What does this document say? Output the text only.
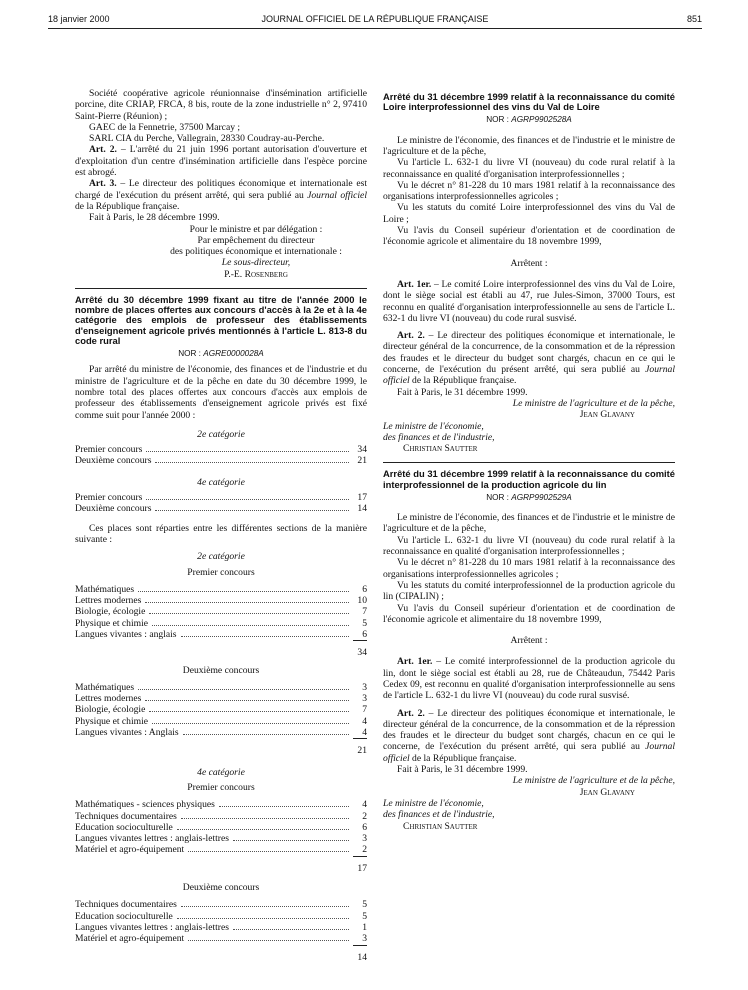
18 janvier 2000	JOURNAL OFFICIEL DE LA RÉPUBLIQUE FRANÇAISE	851

Société coopérative agricole réunionnaise d'insémination artificielle porcine, dite CRIAP, FRCA, 8 bis, route de la zone industrielle n° 2, 97410 Saint-Pierre (Réunion) ;

GAEC de la Fennetrie, 37500 Marcay ;

SARL CIA du Perche, Vallegrain, 28330 Coudray-au-Perche.

Art. 2. – L'arrêté du 21 juin 1996 portant autorisation d'ouverture et d'exploitation d'un centre d'insémination artificielle dans l'espèce porcine est abrogé.

Art. 3. – Le directeur des politiques économique et internationale est chargé de l'exécution du présent arrêté, qui sera publié au Journal officiel de la République française.

Fait à Paris, le 28 décembre 1999.

Pour le ministre et par délégation :

Par empêchement du directeur

des politiques économique et internationale :

Le sous-directeur,

P.-E. Rosenberg

Arrêté du 30 décembre 1999 fixant au titre de l'année 2000 le nombre de places offertes aux concours d'accès à la 2e et à la 4e catégorie des emplois de professeur des établissements d'enseignement agricole privés mentionnés à l'article L. 813-8 du code rural

NOR : AGRE0000028A

Par arrêté du ministre de l'économie, des finances et de l'industrie et du ministre de l'agriculture et de la pêche en date du 30 décembre 1999, le nombre total des places offertes aux concours d'accès aux emplois de professeur des établissements d'enseignement agricole privés est fixé comme suit pour l'année 2000 :

2e catégorie

Premier concours	34
Deuxième concours	21

4e catégorie

Premier concours	17
Deuxième concours	14

Ces places sont réparties entre les différentes sections de la manière suivante :

2e catégorie

Premier concours

Mathématiques	6
Lettres modernes	10
Biologie, écologie	7
Physique et chimie	5
Langues vivantes : anglais	6

34

Deuxième concours

Mathématiques	3
Lettres modernes	3
Biologie, écologie	7
Physique et chimie	4
Langues vivantes : Anglais	4

21

4e catégorie

Premier concours

Mathématiques - sciences physiques	4
Techniques documentaires	2
Education socioculturelle	6
Langues vivantes lettres : anglais-lettres	3
Matériel et agro-équipement	2

17

Deuxième concours

Techniques documentaires	5
Education socioculturelle	5
Langues vivantes lettres : anglais-lettres	1
Matériel et agro-équipement	3

14

Arrêté du 31 décembre 1999 relatif à la reconnaissance du comité Loire interprofessionnel des vins du Val de Loire

NOR : AGRP9902528A

Le ministre de l'économie, des finances et de l'industrie et le ministre de l'agriculture et de la pêche,

Vu l'article L. 632-1 du livre VI (nouveau) du code rural relatif à la reconnaissance en qualité d'organisation interprofessionnelles ;

Vu le décret n° 81-228 du 10 mars 1981 relatif à la reconnaissance des organisations interprofessionnelles agricoles ;

Vu les statuts du comité Loire interprofessionnel des vins du Val de Loire ;

Vu l'avis du Conseil supérieur d'orientation et de coordination de l'économie agricole et alimentaire du 18 novembre 1999,

Arrêtent :

Art. 1er. – Le comité Loire interprofessionnel des vins du Val de Loire, dont le siège social est établi au 47, rue Jules-Simon, 37000 Tours, est reconnu en qualité d'organisation interprofessionnelle au sens de l'article L. 632-1 du livre VI (nouveau) du code rural susvisé.

Art. 2. – Le directeur des politiques économique et internationale, le directeur général de la concurrence, de la consommation et de la répression des fraudes et le directeur du budget sont chargés, chacun en ce qui le concerne, de l'exécution du présent arrêté, qui sera publié au Journal officiel de la République française.

Fait à Paris, le 31 décembre 1999.

Le ministre de l'agriculture et de la pêche,

Jean Glavany

Le ministre de l'économie,

des finances et de l'industrie,

Christian Sautter

Arrêté du 31 décembre 1999 relatif à la reconnaissance du comité interprofessionnel de la production agricole du lin

NOR : AGRP9902529A

Le ministre de l'économie, des finances et de l'industrie et le ministre de l'agriculture et de la pêche,

Vu l'article L. 632-1 du livre VI (nouveau) du code rural relatif à la reconnaissance en qualité d'organisation interprofessionnelles ;

Vu le décret n° 81-228 du 10 mars 1981 relatif à la reconnaissance des organisations interprofessionnelles agricoles ;

Vu les statuts du comité interprofessionnel de la production agricole du lin (CIPALIN) ;

Vu l'avis du Conseil supérieur d'orientation et de coordination de l'économie agricole et alimentaire du 18 novembre 1999,

Arrêtent :

Art. 1er. – Le comité interprofessionnel de la production agricole du lin, dont le siège social est établi au 28, rue de Châteaudun, 75442 Paris Cedex 09, est reconnu en qualité d'organisation interprofessionnelle au sens de l'article L. 632-1 du livre VI (nouveau) du code rural susvisé.

Art. 2. – Le directeur des politiques économique et internationale, le directeur général de la concurrence, de la consommation et de la répression des fraudes et le directeur du budget sont chargés, chacun en ce qui le concerne, de l'exécution du présent arrêté, qui sera publié au Journal officiel de la République française.

Fait à Paris, le 31 décembre 1999.

Le ministre de l'agriculture et de la pêche,

Jean Glavany

Le ministre de l'économie,

des finances et de l'industrie,

Christian Sautter
